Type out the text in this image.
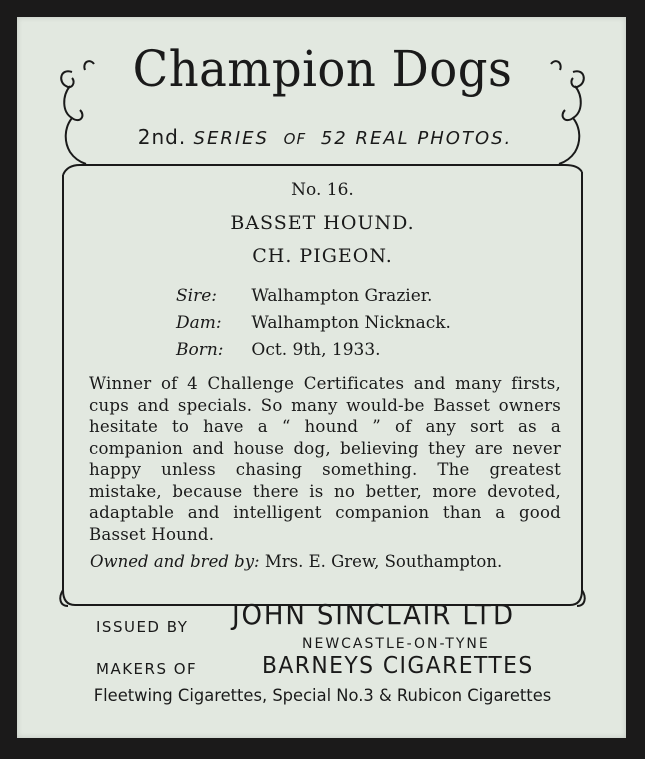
Champion Dogs
2nd. SERIES OF 52 REAL PHOTOS.
No. 16.
BASSET HOUND.
CH. PIGEON.
Sire: Walhampton Grazier.
Dam: Walhampton Nicknack.
Born: Oct. 9th, 1933.

Winner of 4 Challenge Certificates and many firsts, cups and specials. So many would-be Basset owners hesitate to have a “ hound ” of any sort as a companion and house dog, believing they are never happy unless chasing something. The greatest mistake, because there is no better, more devoted, adaptable and intelligent companion than a good Basset Hound.

Owned and bred by: Mrs. E. Grew, Southampton.
ISSUED BY JOHN SINCLAIR LTD
NEWCASTLE-ON-TYNE
MAKERS OF	BARNEYS CIGARETTES
Fleetwing Cigarettes, Special No.3 & Rubicon Cigarettes
